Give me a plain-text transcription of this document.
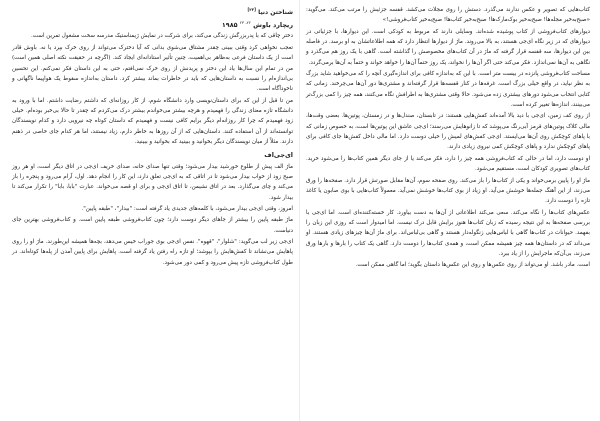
شناختن دنیا [۲۳]
ریچارد باوش $^{۲۲، ۲۳}$ ۱۹۸۵

دختر چاقی که با پدربزرگش زندگی می‌کند، برای شرکت در نمایش ژیمناستیک مدرسه سخت مشغول تمرین است.

تعجب نخواهی کرد وقتی ببینی چقدر مشتاق می‌شوی بدانی که آیا دخترک می‌تواند از روی خرک بپرد یا نه. باوش قادر است از یک داستان فرعی به‌ظاهر بی‌اهمیت، چنین تأثیر استادانه‌ای ایجاد کند. (اگرچه در حقیقت نکته اصلی همین است) من در تمام این سال‌ها یاد این دختر و پریدنش از روی خرک نمی‌افتم، حتی به این داستان فکر نمی‌کنم. این تحسین بی‌اندازه‌ام را نسبت به داستان‌هایی که باید در خاطرات بماند بیشتر کرد. داستان به‌اندازه سقوط یک هواپیما ناگهانی و ناخودآگاه است.

من تا قبل از این که برای داستان‌نویسی وارد دانشگاه شوم، از کار روزانه‌ای که داشتم رضایت داشتم. اما با ورود به دانشگاه تازه معنای زندگی را فهمیدم و هرچه بیشتر می‌خواندم بیشتر درک می‌کردم که چقدر تا حالا بی‌خبر بوده‌ام. خیلی زود فهمیدم که چرا کار روزانه‌ام دیگر برایم کافی نیست و فهمیدم که داستان کوتاه چه نیرویی دارد و کدام نویسندگان توانسته‌اند از آن استفاده کنند. داستان‌هایی که از آن روزها به خاطر دارم، زیاد نیستند، اما هر کدام جای خاصی در ذهنم دارند. مثلاً از میان نویسندگان دیگر بخوانید و ببینید که بخوانید و ببینید.

ای‌جی‌اف

ماژ الف پیش از طلوع خورشید بیدار می‌شود؛ وقتی تنها صدای خانه، صدای خریف ای‌جی در اتاق دیگر است، او هر روز صبح زود از خواب بیدار می‌شود تا در اتاقی که به ای‌جی تعلق دارد، این کار را انجام دهد. اول، آرام می‌رود و پنجره را باز می‌کند و چای می‌گذارد. بعد در اتاق نشیمن، تا اتاق ای‌جی و برای او قصه می‌خواند. عبارت "بابا، بابا" را تکرار می‌کند تا بیدار شود.

امروز، وقتی ای‌جی بیدار می‌شود، با کلمه‌های جدیدی یاد گرفته است: "بیدار"، "طبقه پایین".

ماژ طبقه پایین را بیشتر از جاهای دیگر دوست دارد؛ چون کتاب‌فروشی طبقه پایین است. و کتاب‌فروشی بهترین جای دنیاست.

ای‌جی زیر لب می‌گوید: "شلوار"، "قهوه". نفس ای‌جی بوی جوراب خیس می‌دهد، بچه‌ها همیشه این‌طورند. ماژ او را روی پاهایش می‌نشاند تا کفش‌هایش را بپوشد؛ او تازه راه رفتن یاد گرفته است. پاهایش برای پایین آمدن از پله‌ها کوتاه‌اند. در طول کتاب‌فروشی تازه پیش می‌رود و کمی دور می‌شود.

کتاب‌هایی که تصویر و عکس ندارند می‌گذرد. دستش را روی مجلات می‌کشد. قفسه جزئیش را مرتب می‌کند. می‌گوید: «صبح‌به‌خیر مجله‌ها! صبح‌به‌خیر بوک‌مارک‌ها! صبح‌به‌خیر کتاب‌ها! صبح‌به‌خیر کتاب‌فروشی!»

دیوارهای کتاب‌فروشی از کتاب پوشیده شده‌اند. وسایلی دارند که مربوط به کودکی است. این دیوارها، با جزئیاتی در دیوارهای که در زیر نگاه ای‌جی هستند، به بالا می‌روند. ماژ از دیوارها انتظار دارد که همه اطلاعاتشان به او برسد. در فاصله بین این دیوارها، سه قفسه قرار گرفته که ماژ در آن کتاب‌های مخصوصش را گذاشته است. گاهی با یک روز هم می‌گذرد و نگاهی به آن‌ها نمی‌اندازد. فکر می‌کند حتی اگر آن‌ها را نخواند، یک روز حتماً آن‌ها را خواهد خواند و حتماً به آن‌ها برمی‌گردد.

مساحت کتاب‌فروشی پانزده در بیست متر است. با این که به‌اندازه کافی برای اندازه‌گیری آنچه را که می‌خواهید شاید بزرگ به نظر نیاید، در واقع خیلی بزرگ است. غرفه‌ها در کنار قفسه‌ها قرار گرفته‌اند و مشتری‌ها دور آن‌ها می‌چرخند. زمانی که کتابی انتخاب می‌شود دورهای بیشتری زده می‌شود. حالا وقتی مشتری‌ها به اطرافش نگاه می‌کنند، همه چیز را کمی بزرگ‌تر می‌بینند، اندازه‌ها تغییر کرده است.

از روی کف زمین، ای‌جی با دید بالا آمده‌اند کفش‌هایی هستند: در تابستان، صندل‌ها و در زمستان، پوتین‌ها. بعضی وقت‌ها، مالی کلاک پوتین‌های قرمز آبی‌رنگ می‌پوشد که تا زانوهایش می‌رسند؛ ای‌جی عاشق این پوتین‌ها است، به خصوص زمانی که با پاهای کوچکش روی آن‌ها می‌ایستد. ای‌جی کفش‌های لمیش را خیلی دوست دارد. اما مالی داخل کفش‌ها جای کافی برای پاهای کوچکش ندارد و پاهای کوچکش کمی نیروی زیادی دارند.

او دوست دارد، اما در حالی که کتاب‌فروشی همه چیز را دارد، فکر می‌کند یا از جای دیگر همین کتاب‌ها را می‌شود خرید. کتاب‌های تصویری کودکان است، مستقیم می‌شود.

ماژ او را پایین برمی‌خواند و یکی از کتاب‌ها را باز می‌کند. روی صفحه سوم، آن‌ها مقابل صورتش قرار دارد. صفحه‌ها را ورق می‌زند، از این آهنگ جمله‌ها خوشش می‌آید. او زیاد از بوی کتاب‌ها خوشش نمی‌آید. معمولاً کتاب‌هایی با بوی صابون یا کاغذ تازه را دوست دارد.

عکس‌های کتاب‌ها را نگاه می‌کند. سعی می‌کند اطلاعاتی از آن‌ها به دست بیاورد. کار خسته‌کننده‌ای است. اما ای‌جی با بررسی صفحه‌ها به این نتیجه رسیده که زبان کتاب‌ها هنوز برایش قابل درک نیست. اما امیدوار است که روزی این زبان را بفهمد. حیوانات در کتاب‌ها گاهی با لباس‌هایی زنگوله‌دار هستند و گاهی بی‌لباس‌اند. برای ماژ آن‌ها چیزهای زیادی هستند. او می‌داند که در داستان‌ها همه چیز همیشه ممکن است، و همه‌ی کتاب‌ها را دوست دارد. گاهی یک کتاب را بارها و بارها ورق می‌زند، بی‌آن‌که ماجرایش را از یاد ببرد.

است. مادر باشد. او می‌تواند از روی عکس‌ها و روی این عکس‌ها داستان بگوید؛ اما گاهی ممکن است.
